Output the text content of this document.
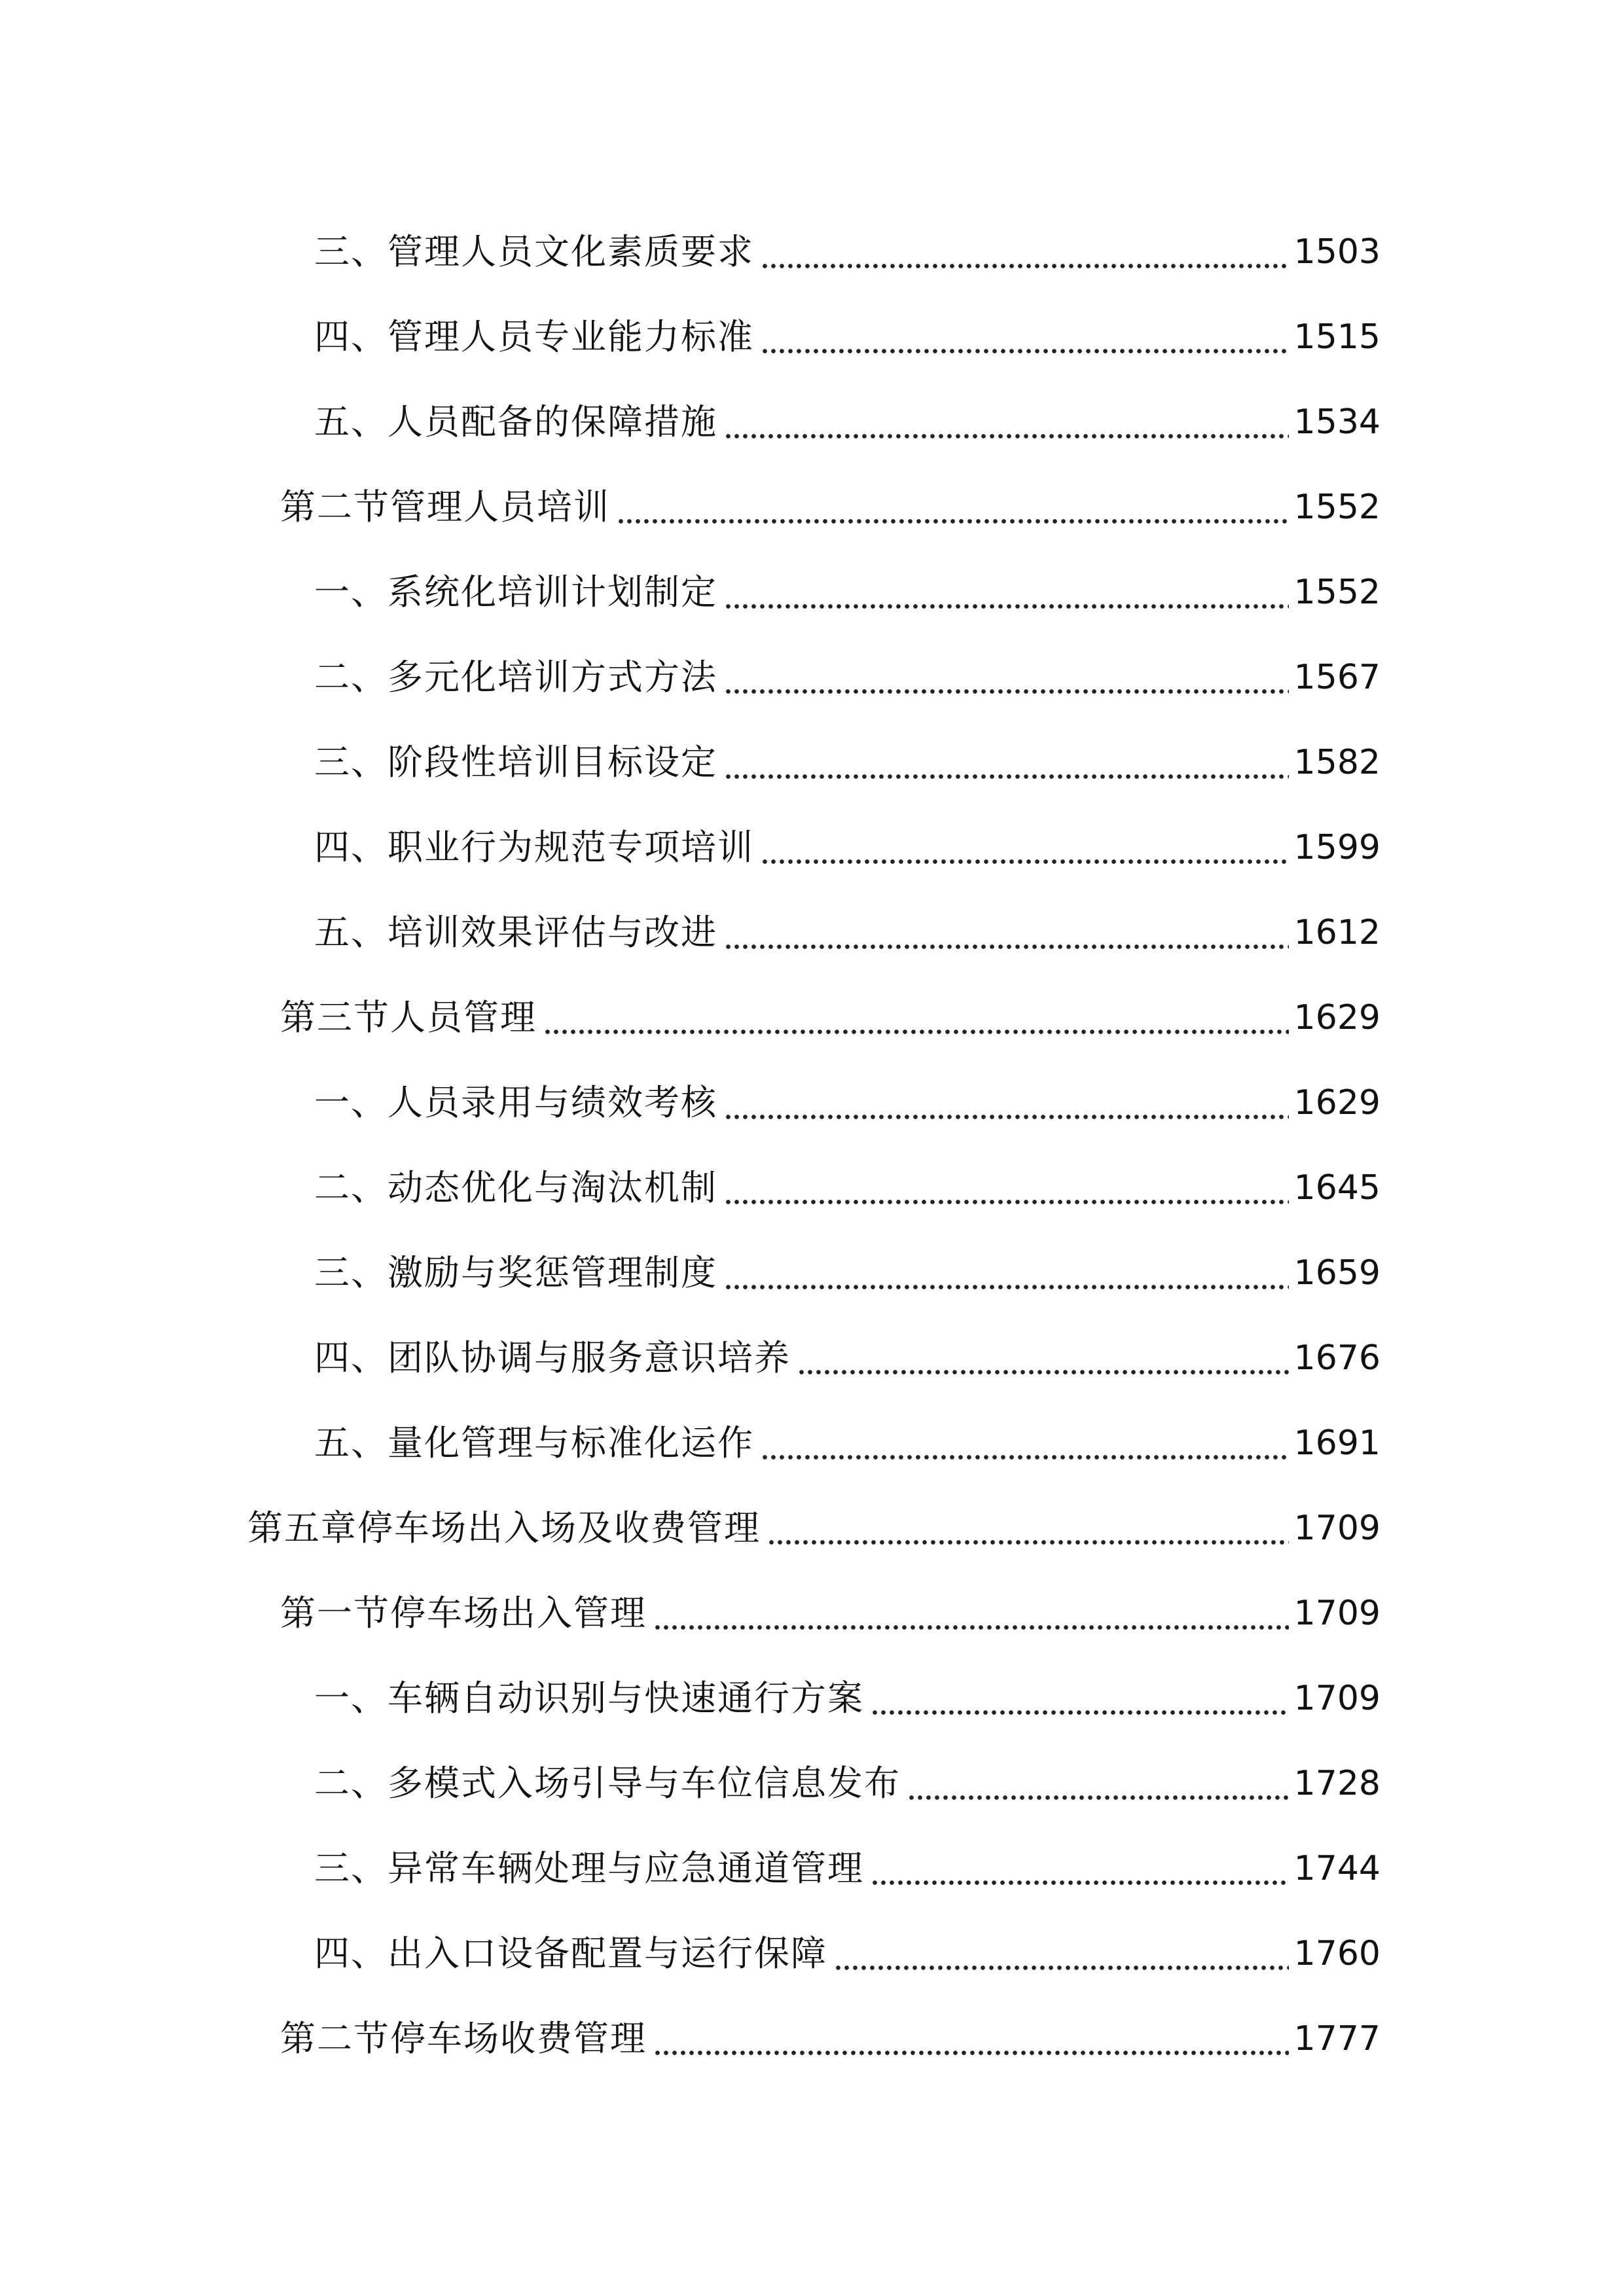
三、管理人员文化素质要求	1503
四、管理人员专业能力标准	1515
五、人员配备的保障措施	1534
第二节管理人员培训	1552
一、系统化培训计划制定	1552
二、多元化培训方式方法	1567
三、阶段性培训目标设定	1582
四、职业行为规范专项培训	1599
五、培训效果评估与改进	1612
第三节人员管理	1629
一、人员录用与绩效考核	1629
二、动态优化与淘汰机制	1645
三、激励与奖惩管理制度	1659
四、团队协调与服务意识培养	1676
五、量化管理与标准化运作	1691
第五章停车场出入场及收费管理	1709
第一节停车场出入管理	1709
一、车辆自动识别与快速通行方案	1709
二、多模式入场引导与车位信息发布	1728
三、异常车辆处理与应急通道管理	1744
四、出入口设备配置与运行保障	1760
第二节停车场收费管理	1777
